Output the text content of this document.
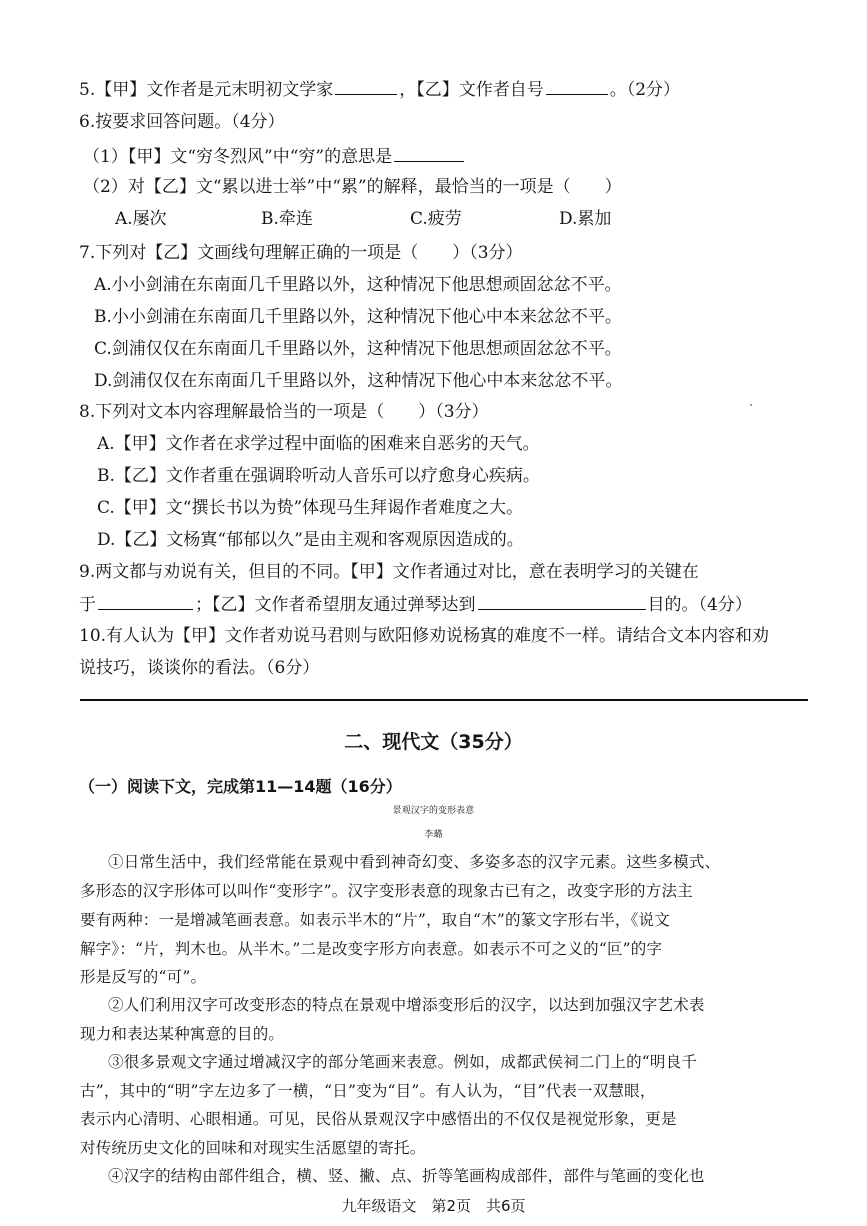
5.【甲】文作者是元末明初文学家	，【乙】文作者自号	。（2分）
6.按要求回答问题。（4分）
（1）【甲】文“穷冬烈风”中“穷”的意思是
（2）对【乙】文“累以进士举”中“累”的解释，最恰当的一项是（　　）
A.屡次	B.牵连	C.疲劳	D.累加
7.下列对【乙】文画线句理解正确的一项是（　　）（3分）
A.小小剑浦在东南面几千里路以外，这种情况下他思想顽固忿忿不平。
B.小小剑浦在东南面几千里路以外，这种情况下他心中本来忿忿不平。
C.剑浦仅仅在东南面几千里路以外，这种情况下他思想顽固忿忿不平。
D.剑浦仅仅在东南面几千里路以外，这种情况下他心中本来忿忿不平。
8.下列对文本内容理解最恰当的一项是（　　）（3分）
A.【甲】文作者在求学过程中面临的困难来自恶劣的天气。
B.【乙】文作者重在强调聆听动人音乐可以疗愈身心疾病。
C.【甲】文“撰长书以为贽”体现马生拜谒作者难度之大。
D.【乙】文杨寘“郁郁以久”是由主观和客观原因造成的。
9.两文都与劝说有关，但目的不同。【甲】文作者通过对比，意在表明学习的关键在
于	；【乙】文作者希望朋友通过弹琴达到	目的。（4分）
10.有人认为【甲】文作者劝说马君则与欧阳修劝说杨寘的难度不一样。请结合文本内容和劝
说技巧，谈谈你的看法。（6分）
二、现代文（35分）
（一）阅读下文，完成第11—14题（16分）
景观汉字的变形表意
李璐
①日常生活中，我们经常能在景观中看到神奇幻变、多姿多态的汉字元素。这些多模式、
多形态的汉字形体可以叫作“变形字”。汉字变形表意的现象古已有之，改变字形的方法主
要有两种：一是增减笔画表意。如表示半木的“片”，取自“木”的篆文字形右半，《说文
解字》：“片，判木也。从半木。”二是改变字形方向表意。如表示不可之义的“叵”的字
形是反写的“可”。
②人们利用汉字可改变形态的特点在景观中增添变形后的汉字，以达到加强汉字艺术表
现力和表达某种寓意的目的。
③很多景观文字通过增减汉字的部分笔画来表意。例如，成都武侯祠二门上的“明良千
古”，其中的“明”字左边多了一横，“日”变为“目”。有人认为，“目”代表一双慧眼，
表示内心清明、心眼相通。可见，民俗从景观汉字中感悟出的不仅仅是视觉形象，更是
对传统历史文化的回味和对现实生活愿望的寄托。
④汉字的结构由部件组合，横、竖、撇、点、折等笔画构成部件，部件与笔画的变化也
九年级语文　第2页　共6页
